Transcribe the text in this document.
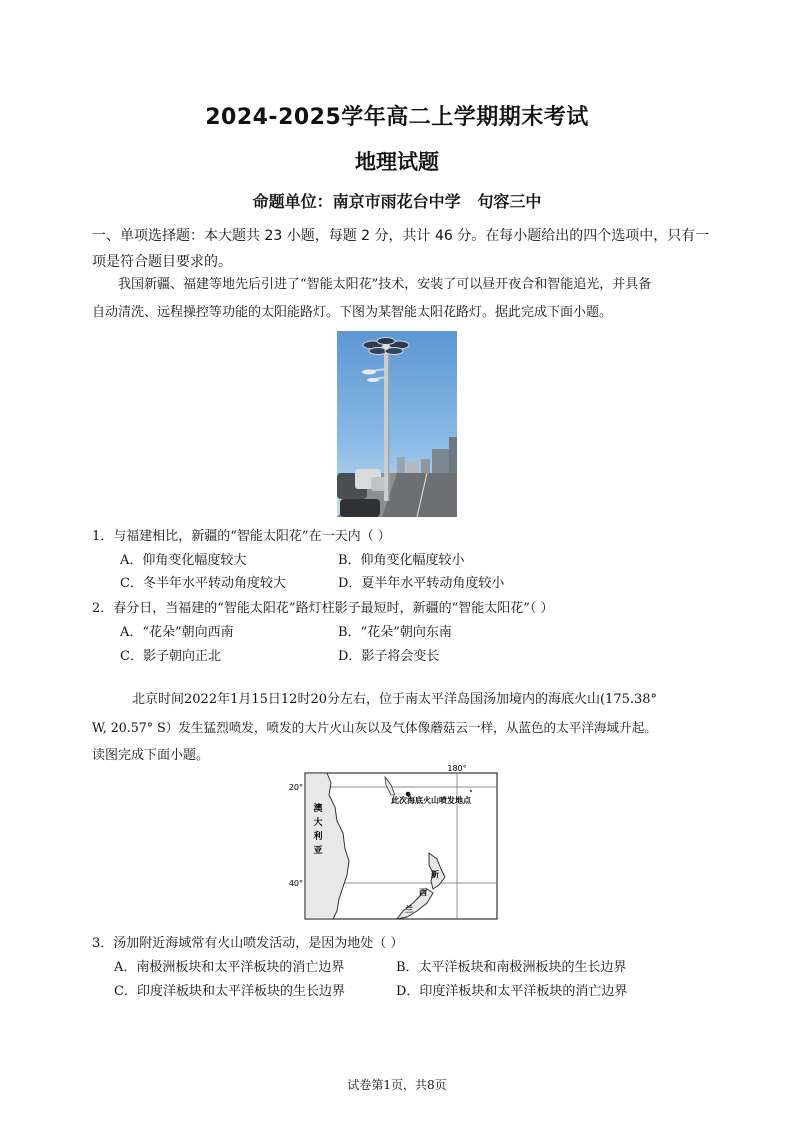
2024-2025学年高二上学期期末考试
地理试题
命题单位：南京市雨花台中学   句容三中
一、单项选择题：本大题共 23 小题，每题 2 分，共计 46 分。在每小题给出的四个选项中，只有一
项是符合题目要求的。
我国新疆、福建等地先后引进了“智能太阳花”技术，安装了可以昼开夜合和智能追光，并具备
自动清洗、远程操控等功能的太阳能路灯。下图为某智能太阳花路灯。据此完成下面小题。
1．与福建相比，新疆的“智能太阳花”在一天内（ ）
A．仰角变化幅度较大	B．仰角变化幅度较小
C．冬半年水平转动角度较大	D．夏半年水平转动角度较小
2．春分日，当福建的“智能太阳花”路灯柱影子最短时，新疆的“智能太阳花”（ ）
A．“花朵”朝向西南	B．“花朵”朝向东南
C．影子朝向正北	D．影子将会变长
北京时间2022年1月15日12时20分左右，位于南太平洋岛国汤加境内的海底火山(175.38°
W, 20.57° S）发生猛烈喷发，喷发的大片火山灰以及气体像蘑菇云一样，从蓝色的太平洋海域升起。
读图完成下面小题。
180°
20°
40°
此次海底火山喷发地点
澳
大
利
亚
新
西
兰
3．汤加附近海域常有火山喷发活动，是因为地处（ ）
A．南极洲板块和太平洋板块的消亡边界	B．太平洋板块和南极洲板块的生长边界
C．印度洋板块和太平洋板块的生长边界	D．印度洋板块和太平洋板块的消亡边界
试卷第1页，共8页
